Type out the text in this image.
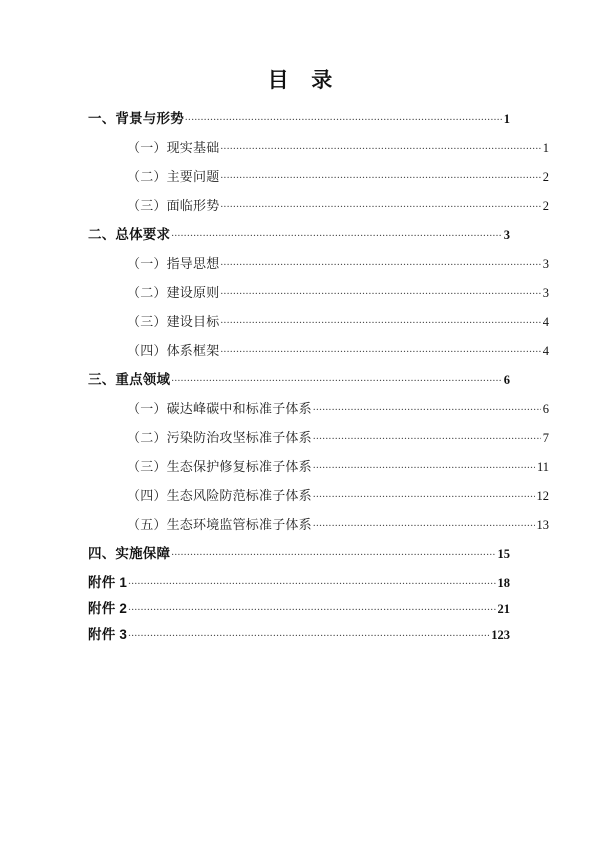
目 录
一、背景与形势 .....	1
（一）现实基础 .....	1
（二）主要问题 .....	2
（三）面临形势 .....	2
二、总体要求 .....	3
（一）指导思想 .....	3
（二）建设原则 .....	3
（三）建设目标 .....	4
（四）体系框架 .....	4
三、重点领域 .....	6
（一）碳达峰碳中和标准子体系 .....	6
（二）污染防治攻坚标准子体系 .....	7
（三）生态保护修复标准子体系 .....	11
（四）生态风险防范标准子体系 .....	12
（五）生态环境监管标准子体系 .....	13
四、实施保障 .....	15
附件 1 .....	18
附件 2 .....	21
附件 3 .....	123
